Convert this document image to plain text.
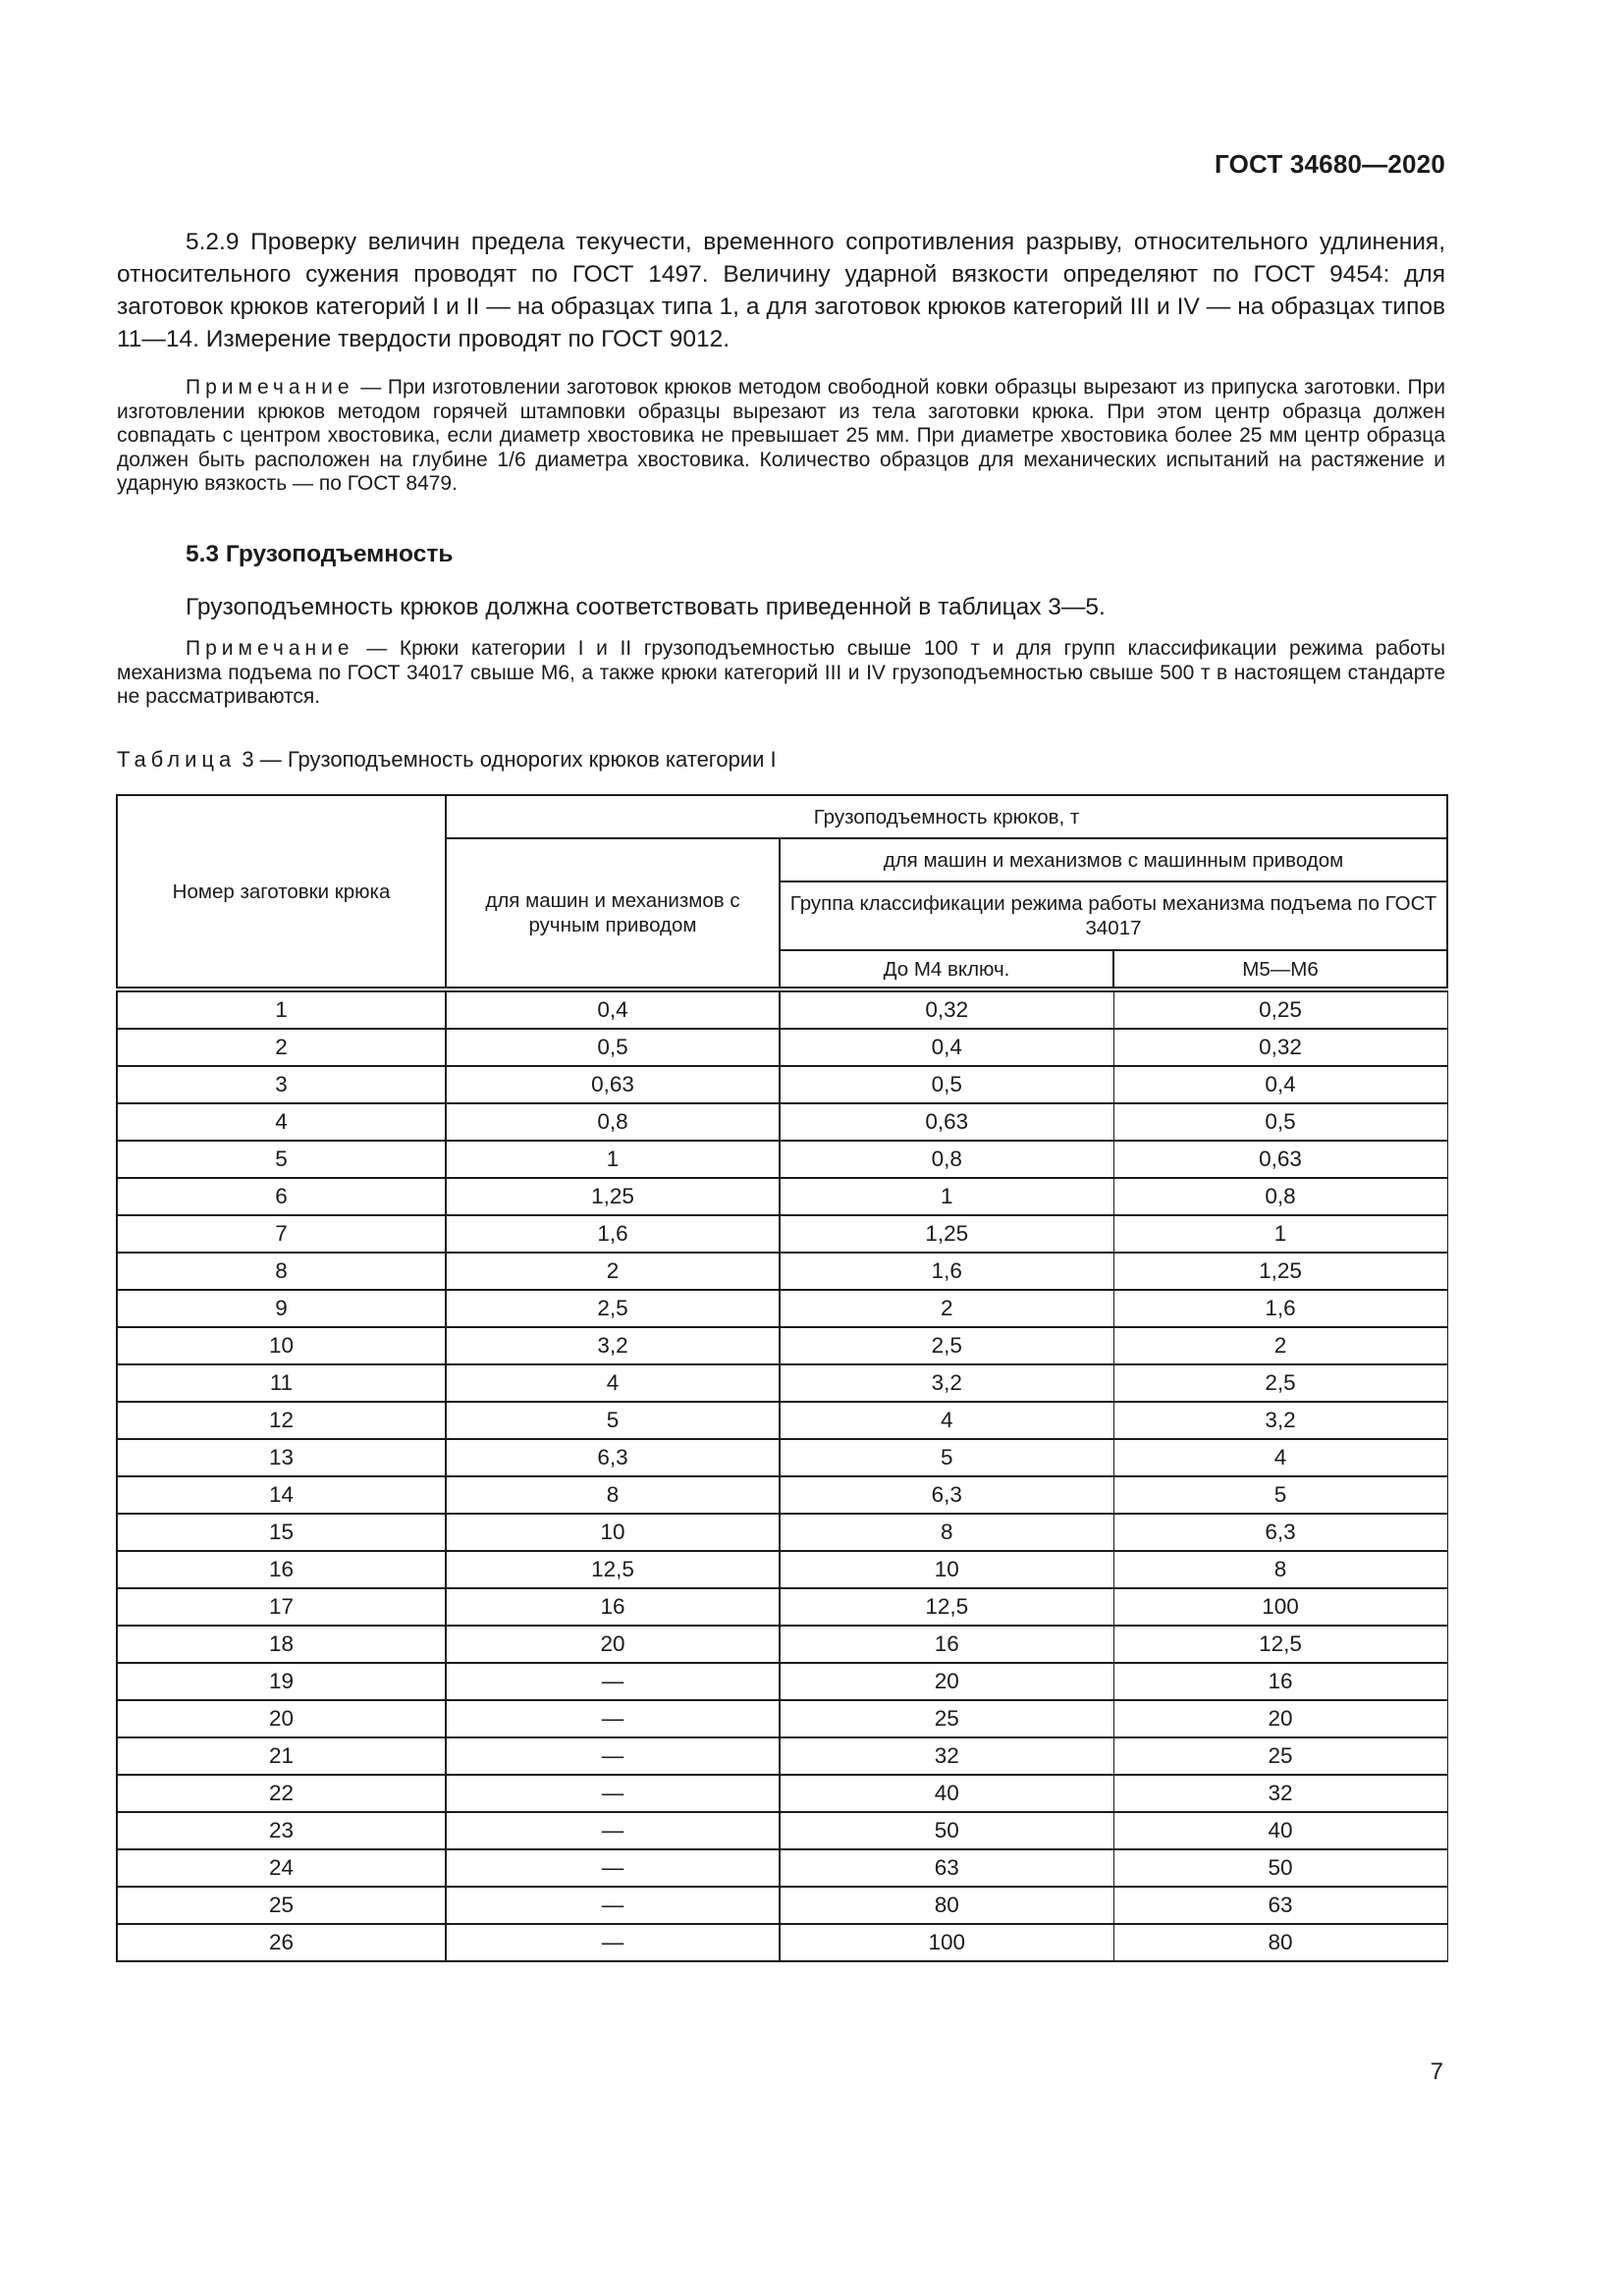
ГОСТ 34680—2020

5.2.9 Проверку величин предела текучести, временного сопротивления разрыву, относительного удлинения, относительного сужения проводят по ГОСТ 1497. Величину ударной вязкости определяют по ГОСТ 9454: для заготовок крюков категорий I и II — на образцах типа 1, а для заготовок крюков категорий III и IV — на образцах типов 11—14. Измерение твердости проводят по ГОСТ 9012.

Примечание — При изготовлении заготовок крюков методом свободной ковки образцы вырезают из припуска заготовки. При изготовлении крюков методом горячей штамповки образцы вырезают из тела заготовки крюка. При этом центр образца должен совпадать с центром хвостовика, если диаметр хвостовика не превышает 25 мм. При диаметре хвостовика более 25 мм центр образца должен быть расположен на глубине 1/6 диаметра хвостовика. Количество образцов для механических испытаний на растяжение и ударную вязкость — по ГОСТ 8479.

5.3 Грузоподъемность

Грузоподъемность крюков должна соответствовать приведенной в таблицах 3—5.

Примечание — Крюки категории I и II грузоподъемностью свыше 100 т и для групп классификации режима работы механизма подъема по ГОСТ 34017 свыше М6, а также крюки категорий III и IV грузоподъемностью свыше 500 т в настоящем стандарте не рассматриваются.

Таблица 3 — Грузоподъемность однорогих крюков категории I
Номер заготовки крюка	Грузоподъемность крюков, т		
	для машин и механизмов с ручным приводом	для машин и механизмов с машинным приводом	
		Группа классификации режима работы механизма подъема по ГОСТ 34017	
		До М4 включ.	М5—М6
1	0,4	0,32	0,25
2	0,5	0,4	0,32
3	0,63	0,5	0,4
4	0,8	0,63	0,5
5	1	0,8	0,63
6	1,25	1	0,8
7	1,6	1,25	1
8	2	1,6	1,25
9	2,5	2	1,6
10	3,2	2,5	2
11	4	3,2	2,5
12	5	4	3,2
13	6,3	5	4
14	8	6,3	5
15	10	8	6,3
16	12,5	10	8
17	16	12,5	100
18	20	16	12,5
19	—	20	16
20	—	25	20
21	—	32	25
22	—	40	32
23	—	50	40
24	—	63	50
25	—	80	63
26	—	100	80
7
